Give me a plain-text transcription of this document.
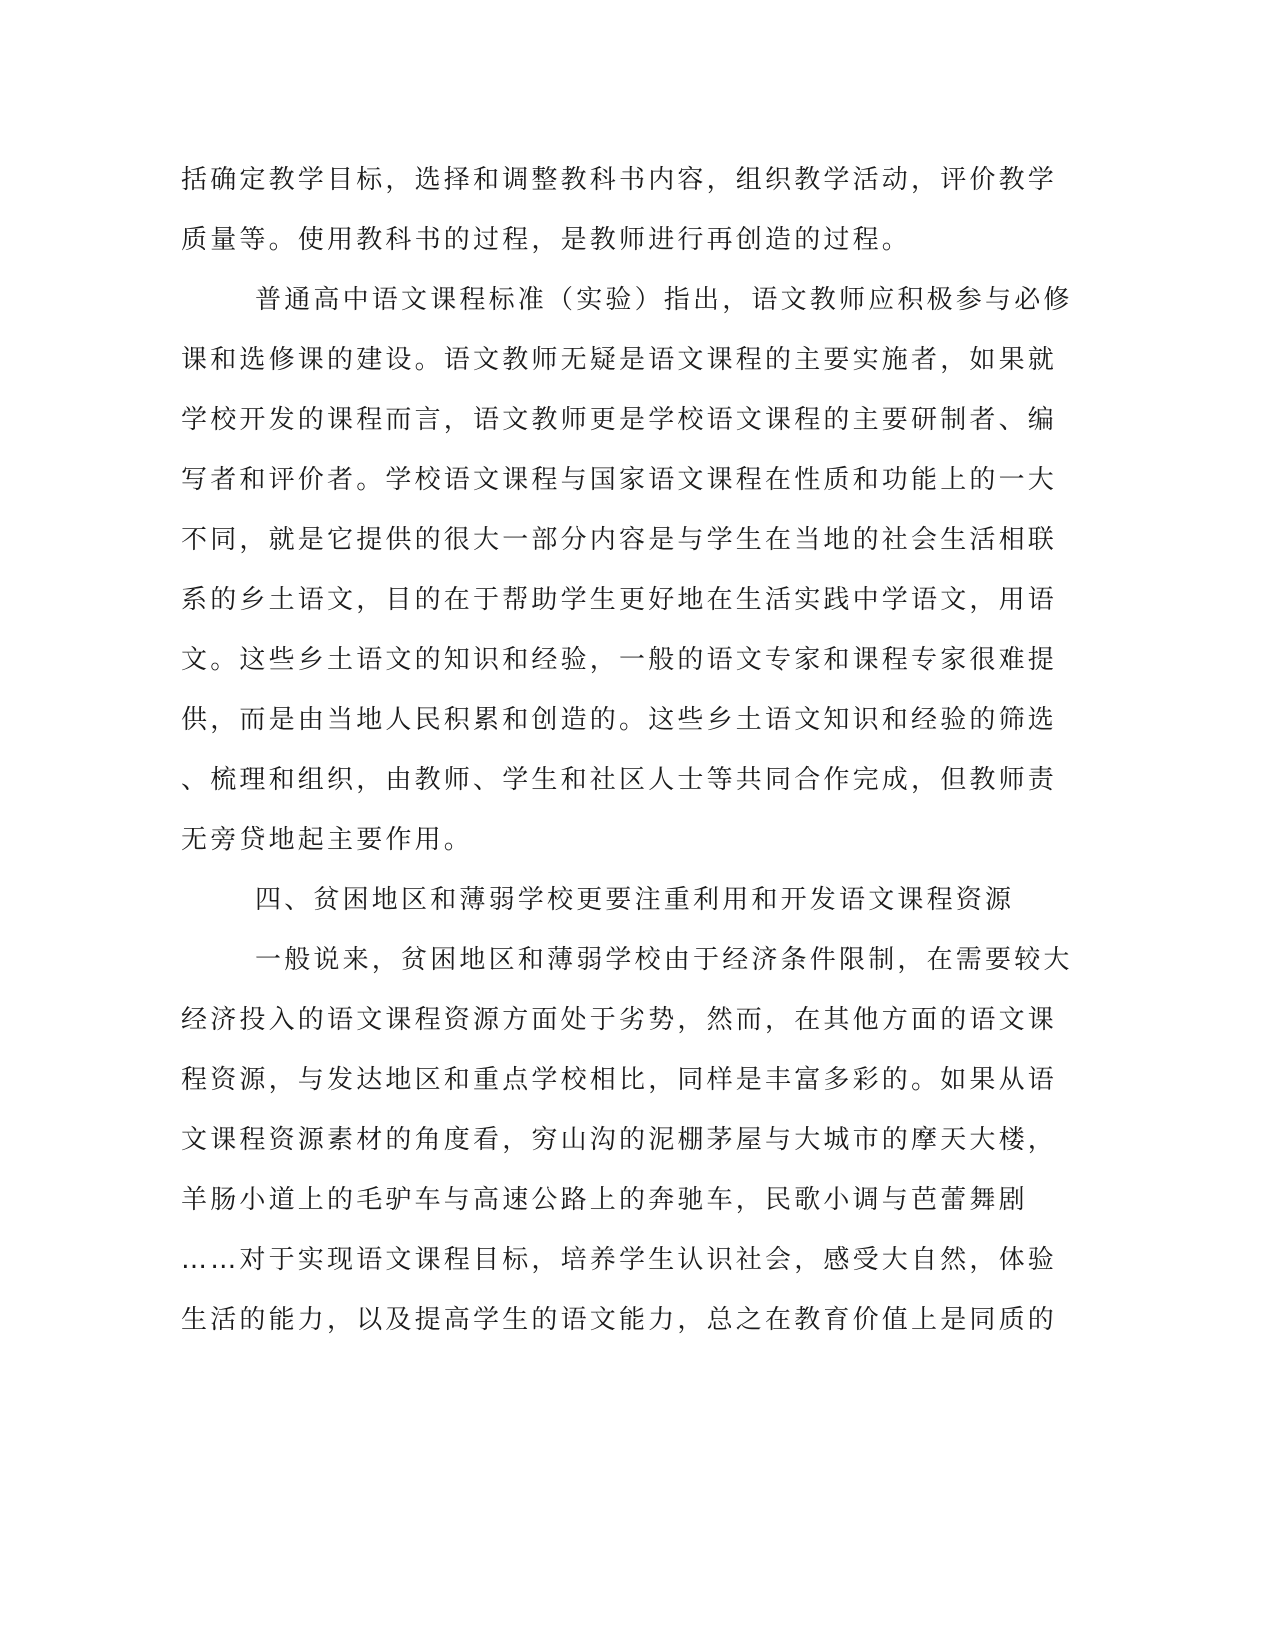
括确定教学目标，选择和调整教科书内容，组织教学活动，评价教学

质量等。使用教科书的过程，是教师进行再创造的过程。

普通高中语文课程标准（实验）指出，语文教师应积极参与必修

课和选修课的建设。语文教师无疑是语文课程的主要实施者，如果就

学校开发的课程而言，语文教师更是学校语文课程的主要研制者、编

写者和评价者。学校语文课程与国家语文课程在性质和功能上的一大

不同，就是它提供的很大一部分内容是与学生在当地的社会生活相联

系的乡土语文，目的在于帮助学生更好地在生活实践中学语文，用语

文。这些乡土语文的知识和经验，一般的语文专家和课程专家很难提

供，而是由当地人民积累和创造的。这些乡土语文知识和经验的筛选

、梳理和组织，由教师、学生和社区人士等共同合作完成，但教师责

无旁贷地起主要作用。

四、贫困地区和薄弱学校更要注重利用和开发语文课程资源

一般说来，贫困地区和薄弱学校由于经济条件限制，在需要较大

经济投入的语文课程资源方面处于劣势，然而，在其他方面的语文课

程资源，与发达地区和重点学校相比，同样是丰富多彩的。如果从语

文课程资源素材的角度看，穷山沟的泥棚茅屋与大城市的摩天大楼，

羊肠小道上的毛驴车与高速公路上的奔驰车，民歌小调与芭蕾舞剧

……对于实现语文课程目标，培养学生认识社会，感受大自然，体验

生活的能力，以及提高学生的语文能力，总之在教育价值上是同质的
